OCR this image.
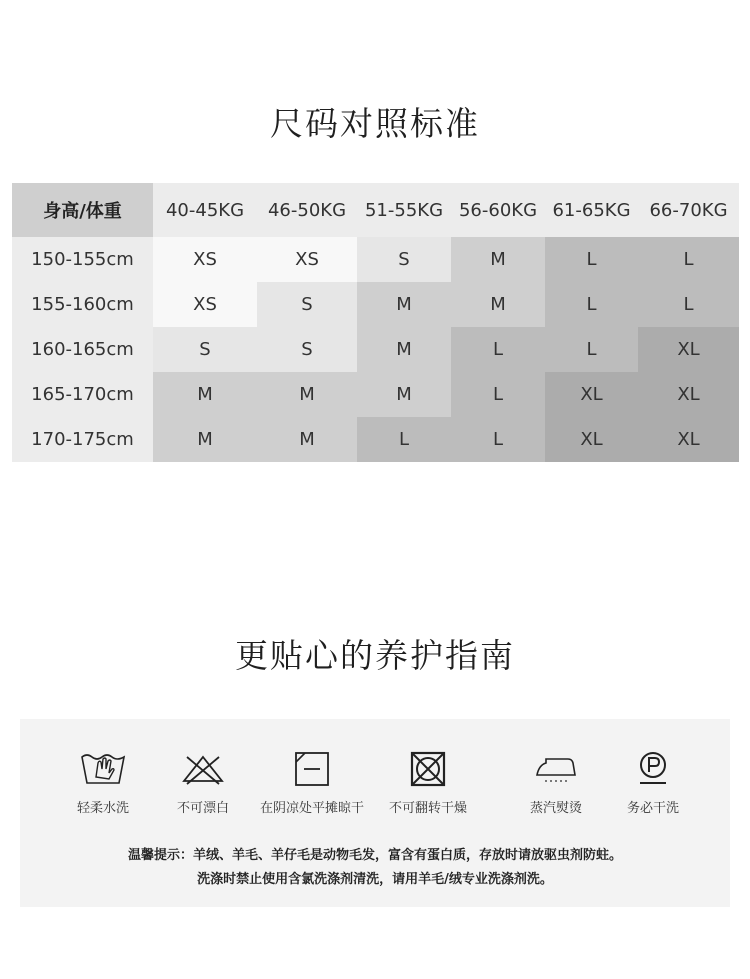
尺码对照标准
身高/体重	40-45KG	46-50KG	51-55KG	56-60KG	61-65KG	66-70KG
150-155cm	XS	XS	S	M	L	L
155-160cm	XS	S	M	M	L	L
160-165cm	S	S	M	L	L	XL
165-170cm	M	M	M	L	XL	XL
170-175cm	M	M	L	L	XL	XL
更贴心的养护指南
轻柔水洗	不可漂白	在阴凉处平摊晾干	不可翻转干燥	蒸汽熨烫	务必干洗
温馨提示：羊绒、羊毛、羊仔毛是动物毛发，富含有蛋白质，存放时请放驱虫剂防蛀。
洗涤时禁止使用含氯洗涤剂清洗，请用羊毛/绒专业洗涤剂洗。
